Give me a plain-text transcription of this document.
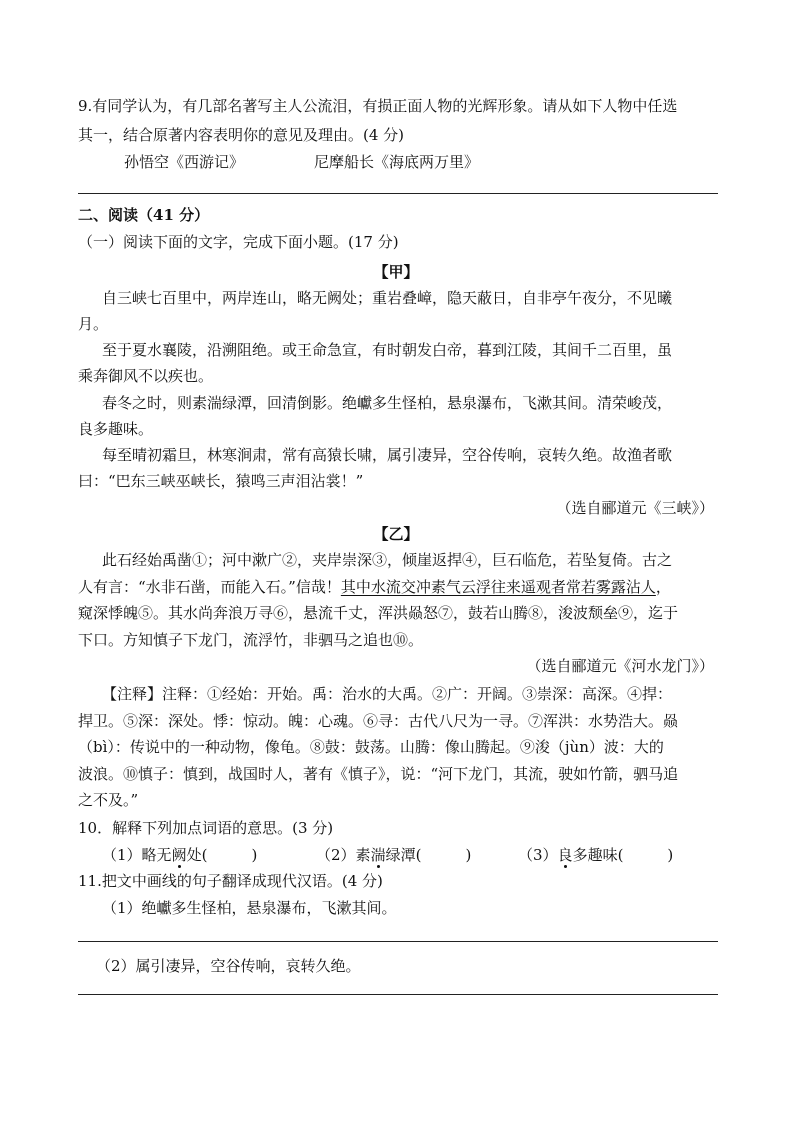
9.有同学认为，有几部名著写主人公流泪，有损正面人物的光辉形象。请从如下人物中任选
其一，结合原著内容表明你的意见及理由。(4 分)
孙悟空《西游记》	尼摩船长《海底两万里》
二、阅读（41 分）
（一）阅读下面的文字，完成下面小题。(17 分)
【甲】
自三峡七百里中，两岸连山，略无阙处；重岩叠嶂，隐天蔽日，自非亭午夜分，不见曦
月。
至于夏水襄陵，沿溯阻绝。或王命急宣，有时朝发白帝，暮到江陵，其间千二百里，虽
乘奔御风不以疾也。
春冬之时，则素湍绿潭，回清倒影。绝巘多生怪柏，悬泉瀑布，飞漱其间。清荣峻茂，
良多趣味。
每至晴初霜旦，林寒涧肃，常有高猿长啸，属引凄异，空谷传响，哀转久绝。故渔者歌
曰：“巴东三峡巫峡长，猿鸣三声泪沾裳！”
（选自郦道元《三峡》）
【乙】
此石经始禹凿①；河中漱广②，夹岸崇深③，倾崖返捍④，巨石临危，若坠复倚。古之
人有言：“水非石凿，而能入石。”信哉！其中水流交冲素气云浮往来遥观者常若雾露沾人，
窥深悸魄⑤。其水尚奔浪万寻⑥，悬流千丈，浑洪赑怒⑦，鼓若山腾⑧，浚波颓垒⑨，迄于
下口。方知慎子下龙门，流浮竹，非驷马之追也⑩。
（选自郦道元《河水龙门》）
【注释】注释：①经始：开始。禹：治水的大禹。②广：开阔。③崇深：高深。④捍：
捍卫。⑤深：深处。悸：惊动。魄：心魂。⑥寻：古代八尺为一寻。⑦浑洪：水势浩大。赑
（bì）：传说中的一种动物，像龟。⑧鼓：鼓荡。山腾：像山腾起。⑨浚（jùn）波：大的
波浪。⑩慎子：慎到，战国时人，著有《慎子》，说：“河下龙门，其流，驶如竹箭，驷马追
之不及。”
10．解释下列加点词语的意思。(3 分)
（1）略无阙处(	)	（2）素湍绿潭(	)	（3）良多趣味(	)
11.把文中画线的句子翻译成现代汉语。(4 分)
（1）绝巘多生怪柏，悬泉瀑布，飞漱其间。
（2）属引凄异，空谷传响，哀转久绝。
